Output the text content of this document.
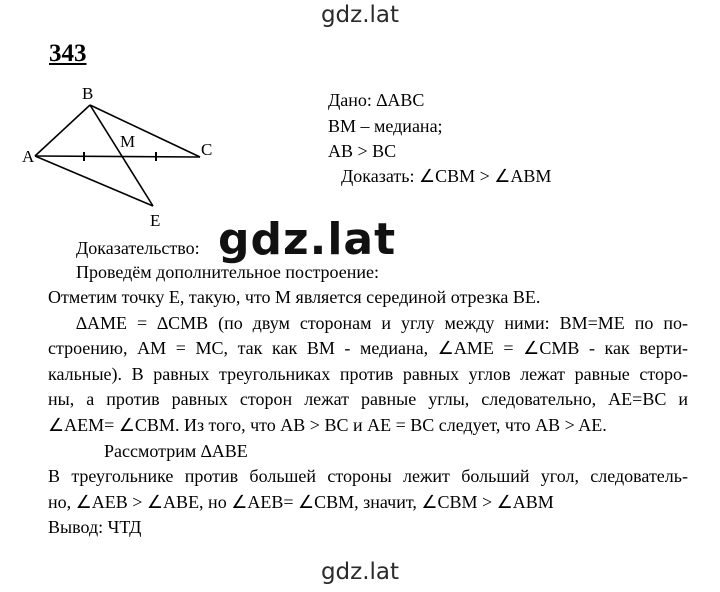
gdz.lat
343
B
A	C
M
E
Дано: ∆ABC
BM – медиана;
AB > BC
Доказать: ∠CBM > ∠ABM
Доказательство: gdz.lat
Проведём дополнительное построение:
Отметим точку E, такую, что M является серединой отрезка BE.
∆AME = ∆CMB (по двум сторонам и углу между ними: BM=ME по по-
строению, AM = MC, так как BM - медиана, ∠AME = ∠CMB - как верти-
кальные). В равных треугольниках против равных углов лежат равные сторо-
ны, а против равных сторон лежат равные углы, следовательно, AE=BC и
∠AEM= ∠CBM. Из того, что AB > BC и AE = BC следует, что AB > AE.
Рассмотрим ∆ABE
В треугольнике против большей стороны лежит больший угол, следователь-
но, ∠AEB > ∠ABE, но ∠AEB= ∠CBM, значит, ∠CBM > ∠ABM
Вывод: ЧТД
gdz.lat
